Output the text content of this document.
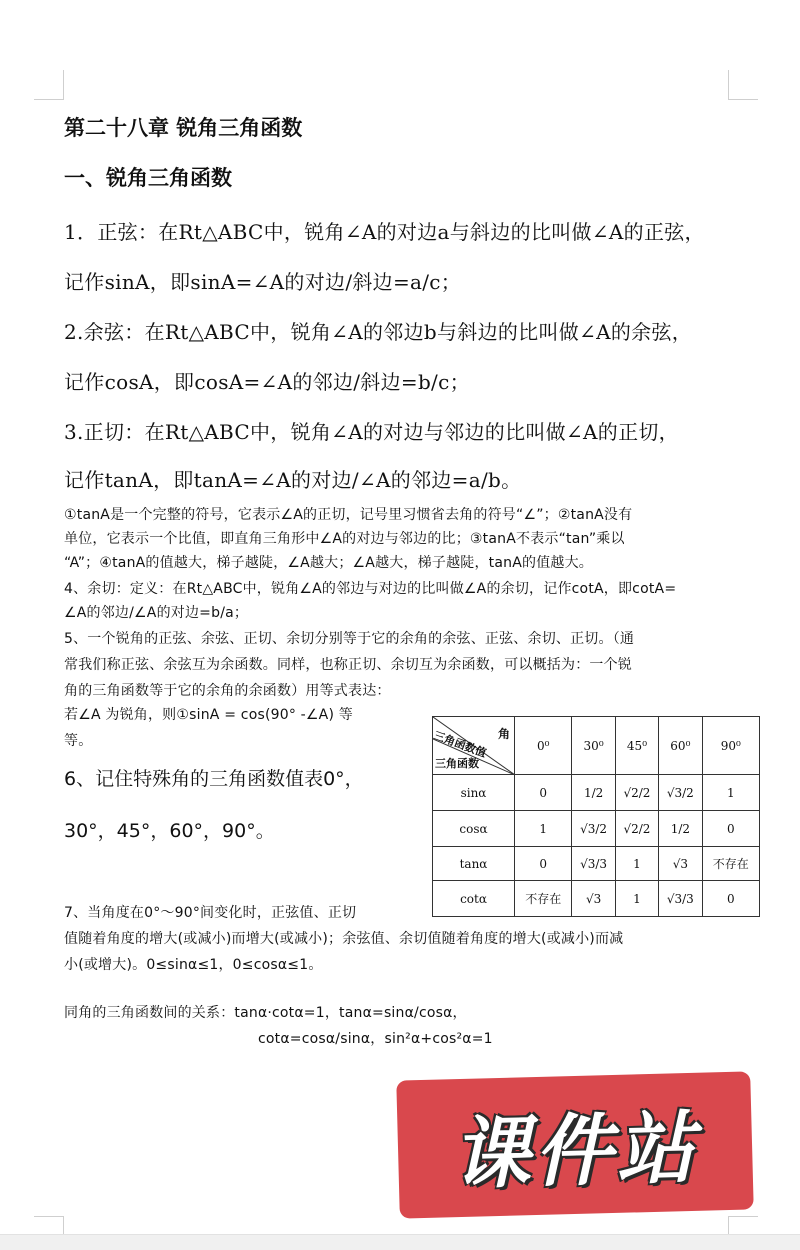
第二十八章 锐角三角函数
一、锐角三角函数
1．正弦：在Rt△ABC中，锐角∠A的对边a与斜边的比叫做∠A的正弦，
记作sinA，即sinA=∠A的对边/斜边=a/c；
2.余弦：在Rt△ABC中，锐角∠A的邻边b与斜边的比叫做∠A的余弦，
记作cosA，即cosA=∠A的邻边/斜边=b/c；
3.正切：在Rt△ABC中，锐角∠A的对边与邻边的比叫做∠A的正切，
记作tanA，即tanA=∠A的对边/∠A的邻边=a/b。
①tanA是一个完整的符号，它表示∠A的正切，记号里习惯省去角的符号“∠”；②tanA没有
单位，它表示一个比值，即直角三角形中∠A的对边与邻边的比；③tanA不表示“tan”乘以
“A”；④tanA的值越大，梯子越陡，∠A越大；∠A越大，梯子越陡，tanA的值越大。
4、余切：定义：在Rt△ABC中，锐角∠A的邻边与对边的比叫做∠A的余切，记作cotA，即cotA=
∠A的邻边/∠A的对边=b/a；
5、一个锐角的正弦、余弦、正切、余切分别等于它的余角的余弦、正弦、余切、正切。（通
常我们称正弦、余弦互为余函数。同样，也称正切、余切互为余函数，可以概括为：一个锐
角的三角函数等于它的余角的余函数）用等式表达：
若∠A 为锐角，则①sinA = cos(90° -∠A) 等
等。
6、记住特殊角的三角函数值表0°，
30°，45°，60°，90°。
角
三角函数值
三角函数	0⁰	30⁰	45⁰	60⁰	90⁰
sinα	0	1/2	√2/2	√3/2	1
cosα	1	√3/2	√2/2	1/2	0
tanα	0	√3/3	1	√3	不存在
cotα	不存在	√3	1	√3/3	0
7、当角度在0°～90°间变化时，正弦值、正切
值随着角度的增大(或减小)而增大(或减小)；余弦值、余切值随着角度的增大(或减小)而减
小(或增大)。0≤sinα≤1，0≤cosα≤1。
同角的三角函数间的关系：tanα·cotα=1，tanα=sinα/cosα，
cotα=cosα/sinα，sin²α+cos²α=1
课件站
